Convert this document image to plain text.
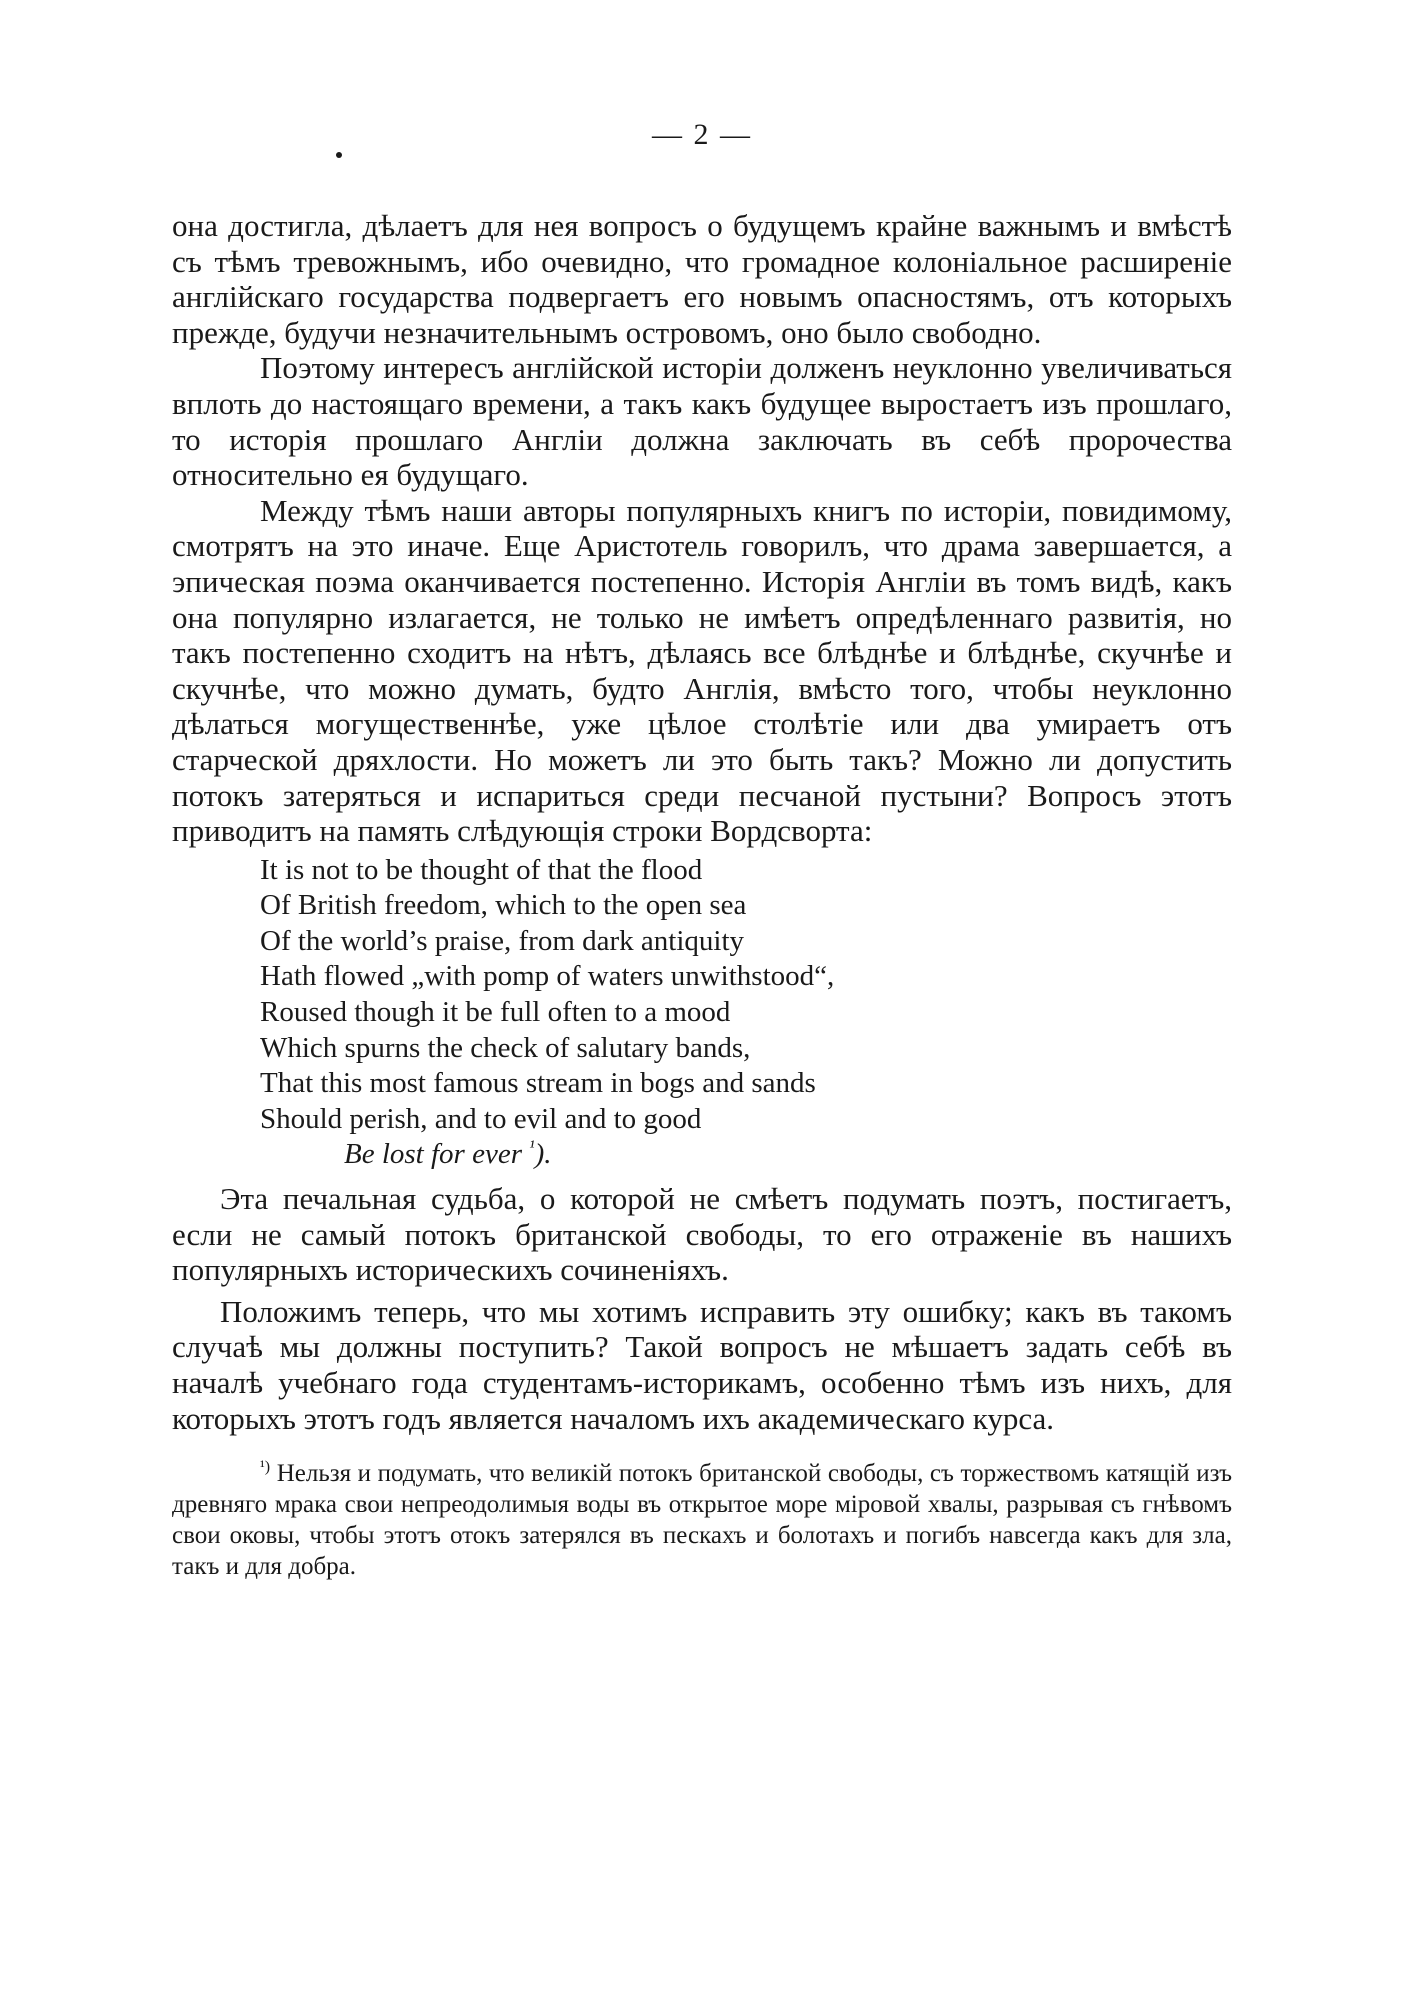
— 2 —

она достигла, дѣлаетъ для нея вопросъ о будущемъ крайне важнымъ и вмѣстѣ съ тѣмъ тревожнымъ, ибо очевидно, что громадное колоніальное расширеніе англійскаго государства подвергаетъ его новымъ опасностямъ, отъ которыхъ прежде, будучи незначительнымъ островомъ, оно было свободно.

Поэтому интересъ англійской исторіи долженъ неуклонно увеличиваться вплоть до настоящаго времени, а такъ какъ будущее выростаетъ изъ прошлаго, то исторія прошлаго Англіи должна заключать въ себѣ пророчества относительно ея будущаго.

Между тѣмъ наши авторы популярныхъ книгъ по исторіи, повидимому, смотрятъ на это иначе. Еще Аристотель говорилъ, что драма завершается, а эпическая поэма оканчивается постепенно. Исторія Англіи въ томъ видѣ, какъ она популярно излагается, не только не имѣетъ опредѣленнаго развитія, но такъ постепенно сходитъ на нѣтъ, дѣлаясь все блѣднѣе и блѣднѣе, скучнѣе и скучнѣе, что можно думать, будто Англія, вмѣсто того, чтобы неуклонно дѣлаться могущественнѣе, уже цѣлое столѣтіе или два умираетъ отъ старческой дряхлости. Но можетъ ли это быть такъ? Можно ли допустить потокъ затеряться и испариться среди песчаной пустыни? Вопросъ этотъ приводитъ на память слѣдующія строки Вордсворта:

It is not to be thought of that the flood
Of British freedom, which to the open sea
Of the world’s praise, from dark antiquity
Hath flowed „with pomp of waters unwithstood“,
Roused though it be full often to a mood
Which spurns the check of salutary bands,
That this most famous stream in bogs and sands
Should perish, and to evil and to good
Be lost for ever $^{^1}$).

Эта печальная судьба, о которой не смѣетъ подумать поэтъ, постигаетъ, если не самый потокъ британской свободы, то его отраженіе въ нашихъ популярныхъ историческихъ сочиненіяхъ.

Положимъ теперь, что мы хотимъ исправить эту ошибку; какъ въ такомъ случаѣ мы должны поступить? Такой вопросъ не мѣшаетъ задать себѣ въ началѣ учебнаго года студентамъ-историкамъ, особенно тѣмъ изъ нихъ, для которыхъ этотъ годъ является началомъ ихъ академическаго курса.

$^{^1)}$ Нельзя и подумать, что великій потокъ британской свободы, съ торжествомъ катящій изъ древняго мрака свои непреодолимыя воды въ открытое море міровой хвалы, разрывая съ гнѣвомъ свои оковы, чтобы этотъ отокъ затерялся въ пескахъ и болотахъ и погибъ навсегда какъ для зла, такъ и для добра.
